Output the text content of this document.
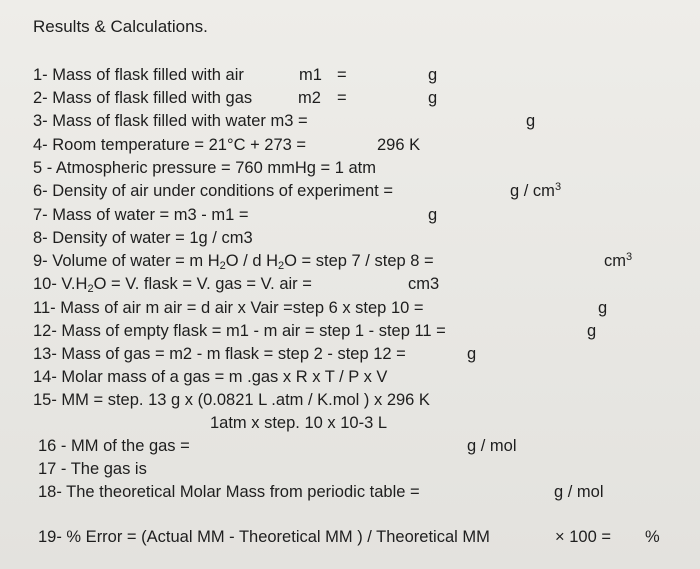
Results & Calculations.
1- Mass of flask filled with air	m1 =	g
2- Mass of flask filled with gas	m2 =	g
3- Mass of flask filled with water m3 =	g
4- Room temperature = 21°C + 273 =	296 K
5 - Atmospheric pressure = 760 mmHg = 1 atm
6- Density of air under conditions of experiment =	g / $cm^3$
7- Mass of water = m3 - m1 =	g
8- Density of water = 1g / cm3
9- Volume of water = m $H_2O$ / d $H_2O$ = step 7 / step 8 =	$cm^3$
10- $V.H_2O = V$. flask = V. gas = V. air =	cm3
11- Mass of air m air = d air x Vair =step 6 x step 10 =	g
12- Mass of empty flask = m1 - m air = step 1 - step 11 =	g
13- Mass of gas = m2 - m flask = step 2 - step 12 =	g
14- Molar mass of a gas = m .gas x R x T / P x V
15- MM = step. 13 g x (0.0821 L .atm / K.mol ) x 296 K
1atm x step. 10 x 10-3 L
16 - MM of the gas =	g / mol
17 - The gas is
18- The theoretical Molar Mass from periodic table =	g / mol
19- % Error = (Actual MM - Theoretical MM ) / Theoretical MM	× 100 = %
